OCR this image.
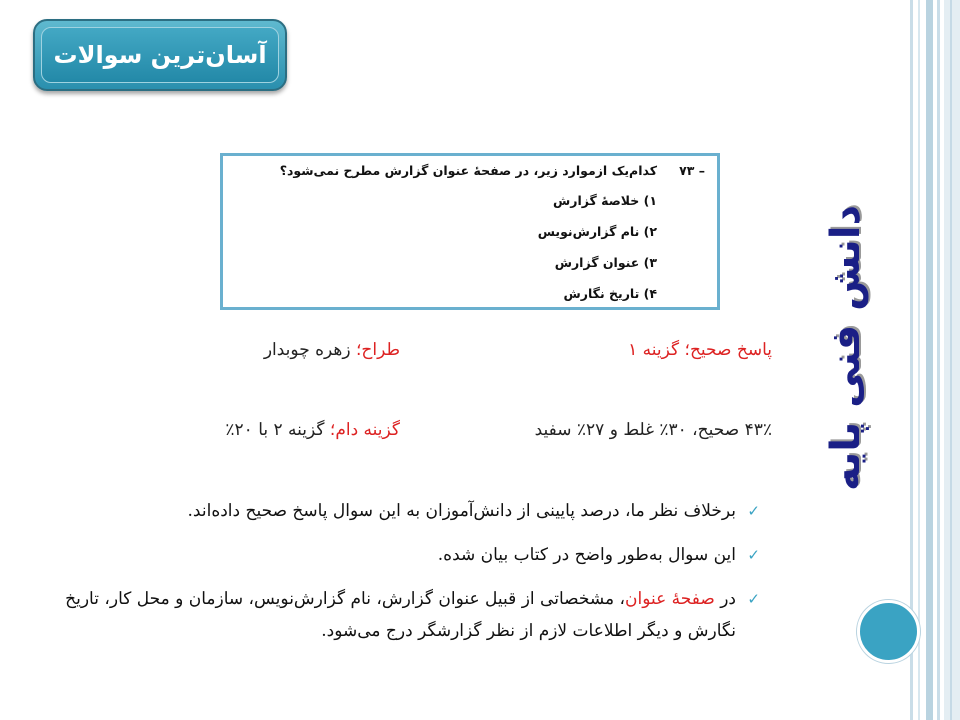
آسان‌ترین سوالات
۷۳ –
کدام‌یک ازموارد زیر، در صفحهٔ عنوان گزارش مطرح نمی‌شود؟
۱) خلاصهٔ گزارش
۲) نام گزارش‌نویس
۳) عنوان گزارش
۴) تاریخ نگارش
پاسخ صحیح؛ گزینه ۱
طراح؛ زهره چوبدار
۴۳٪ صحیح، ۳۰٪ غلط و ۲۷٪ سفید
گزینه دام؛ گزینه ۲ با ۲۰٪
✓
برخلاف نظر ما، درصد پایینی از دانش‌آموزان به این سوال پاسخ صحیح داده‌اند.
✓
این سوال به‌طور واضح در کتاب بیان شده.
✓
در صفحهٔ عنوان، مشخصاتی از قبیل عنوان گزارش، نام گزارش‌نویس، سازمان و محل کار، تاریخ نگارش و دیگر اطلاعات لازم از نظر گزارشگر درج می‌شود.
دانش فنی پایه
